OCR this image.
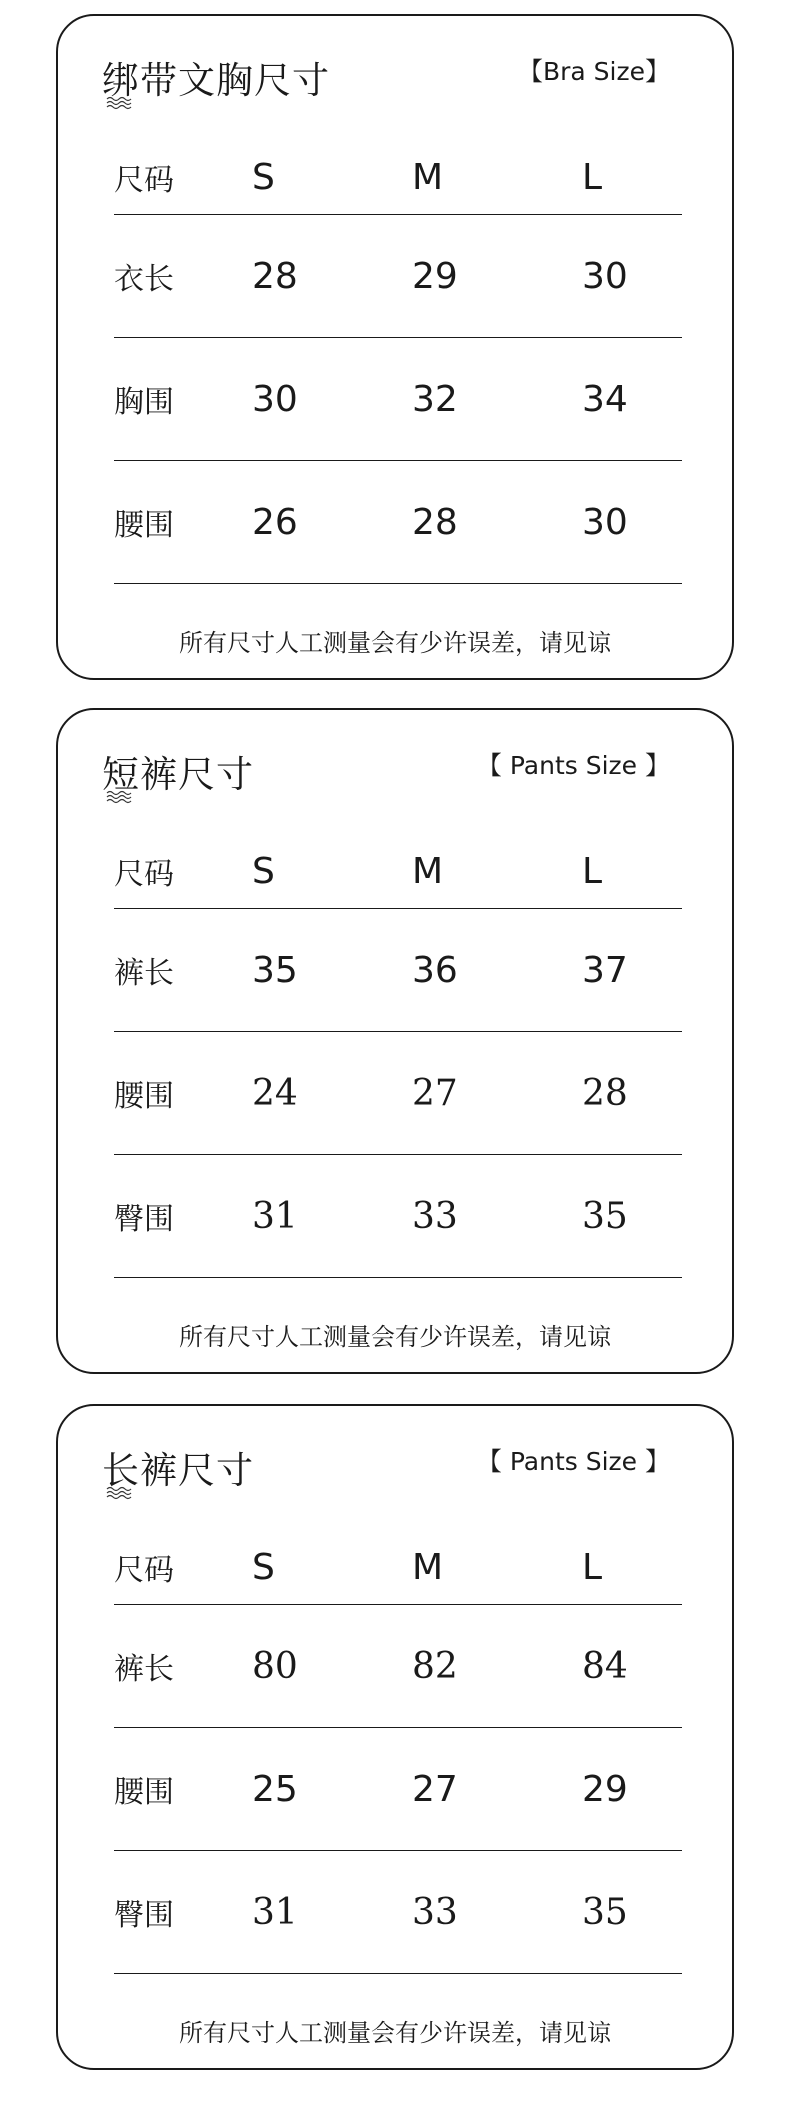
绑带文胸尺寸	【Bra Size】
尺码	S	M	L
衣长	28	29	30
胸围	30	32	34
腰围	26	28	30
所有尺寸人工测量会有少许误差，请见谅
短裤尺寸	【 Pants Size 】
尺码	S	M	L
裤长	35	36	37
腰围	24	27	28
臀围	31	33	35
所有尺寸人工测量会有少许误差，请见谅
长裤尺寸	【 Pants Size 】
尺码	S	M	L
裤长	80	82	84
腰围	25	27	29
臀围	31	33	35
所有尺寸人工测量会有少许误差，请见谅
